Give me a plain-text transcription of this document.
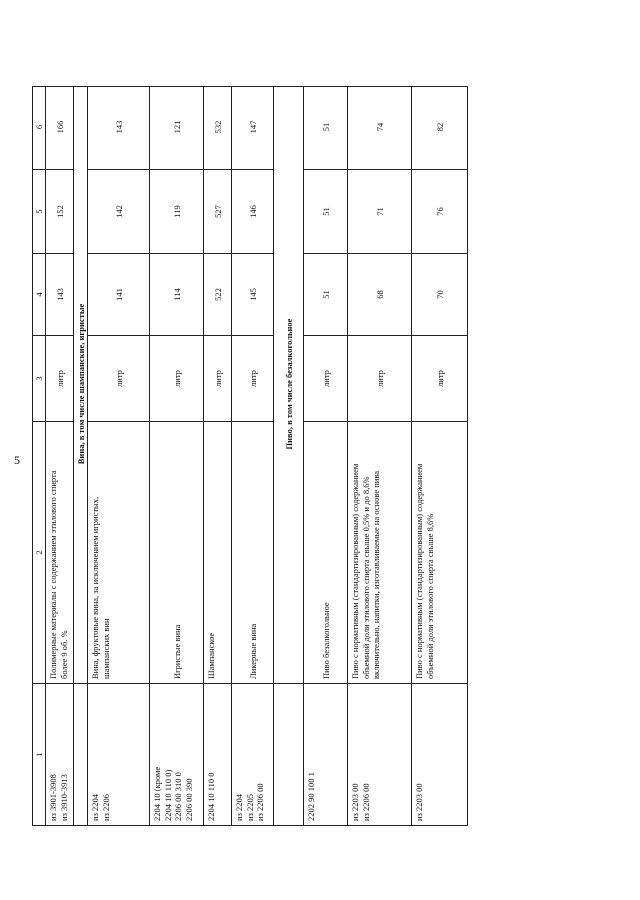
5
1
2
3
4
5
6
из 3901-3908 из 3910-3913
Полимерные материалы с содержанием этилового спирта более 9 об. %
литр
143
152
166
Вина, в том числе шампанские, игристые
из 2204 из 2206
Вина, фруктовые вина, за исключением игристых, шампанских вин
литр
141
142
143
2204 10 (кроме 2204 10 110 0) 2206 00 310 0 2206 00 390
Игристые вина
литр
114
119
121
2204 10 110 0
Шампанское
литр
522
527
532
из 2204 из 2205 из 2206 00
Ликерные вина
литр
145
146
147
Пиво, в том числе безалкогольное
2202 90 100 1
Пиво безалкогольное
литр
51
51
51
из 2203 00 из 2206 00
Пиво с нормативным (стандартизированным) содержанием объемной доли этилового спирта свыше 0,5% и до 8,6% включительно, напитки, изготавливаемые на основе пива
литр
68
71
74
из 2203 00
Пиво с нормативным (стандартизированным) содержанием объемной доли этилового спирта свыше 8,6%
литр
70
76
82
